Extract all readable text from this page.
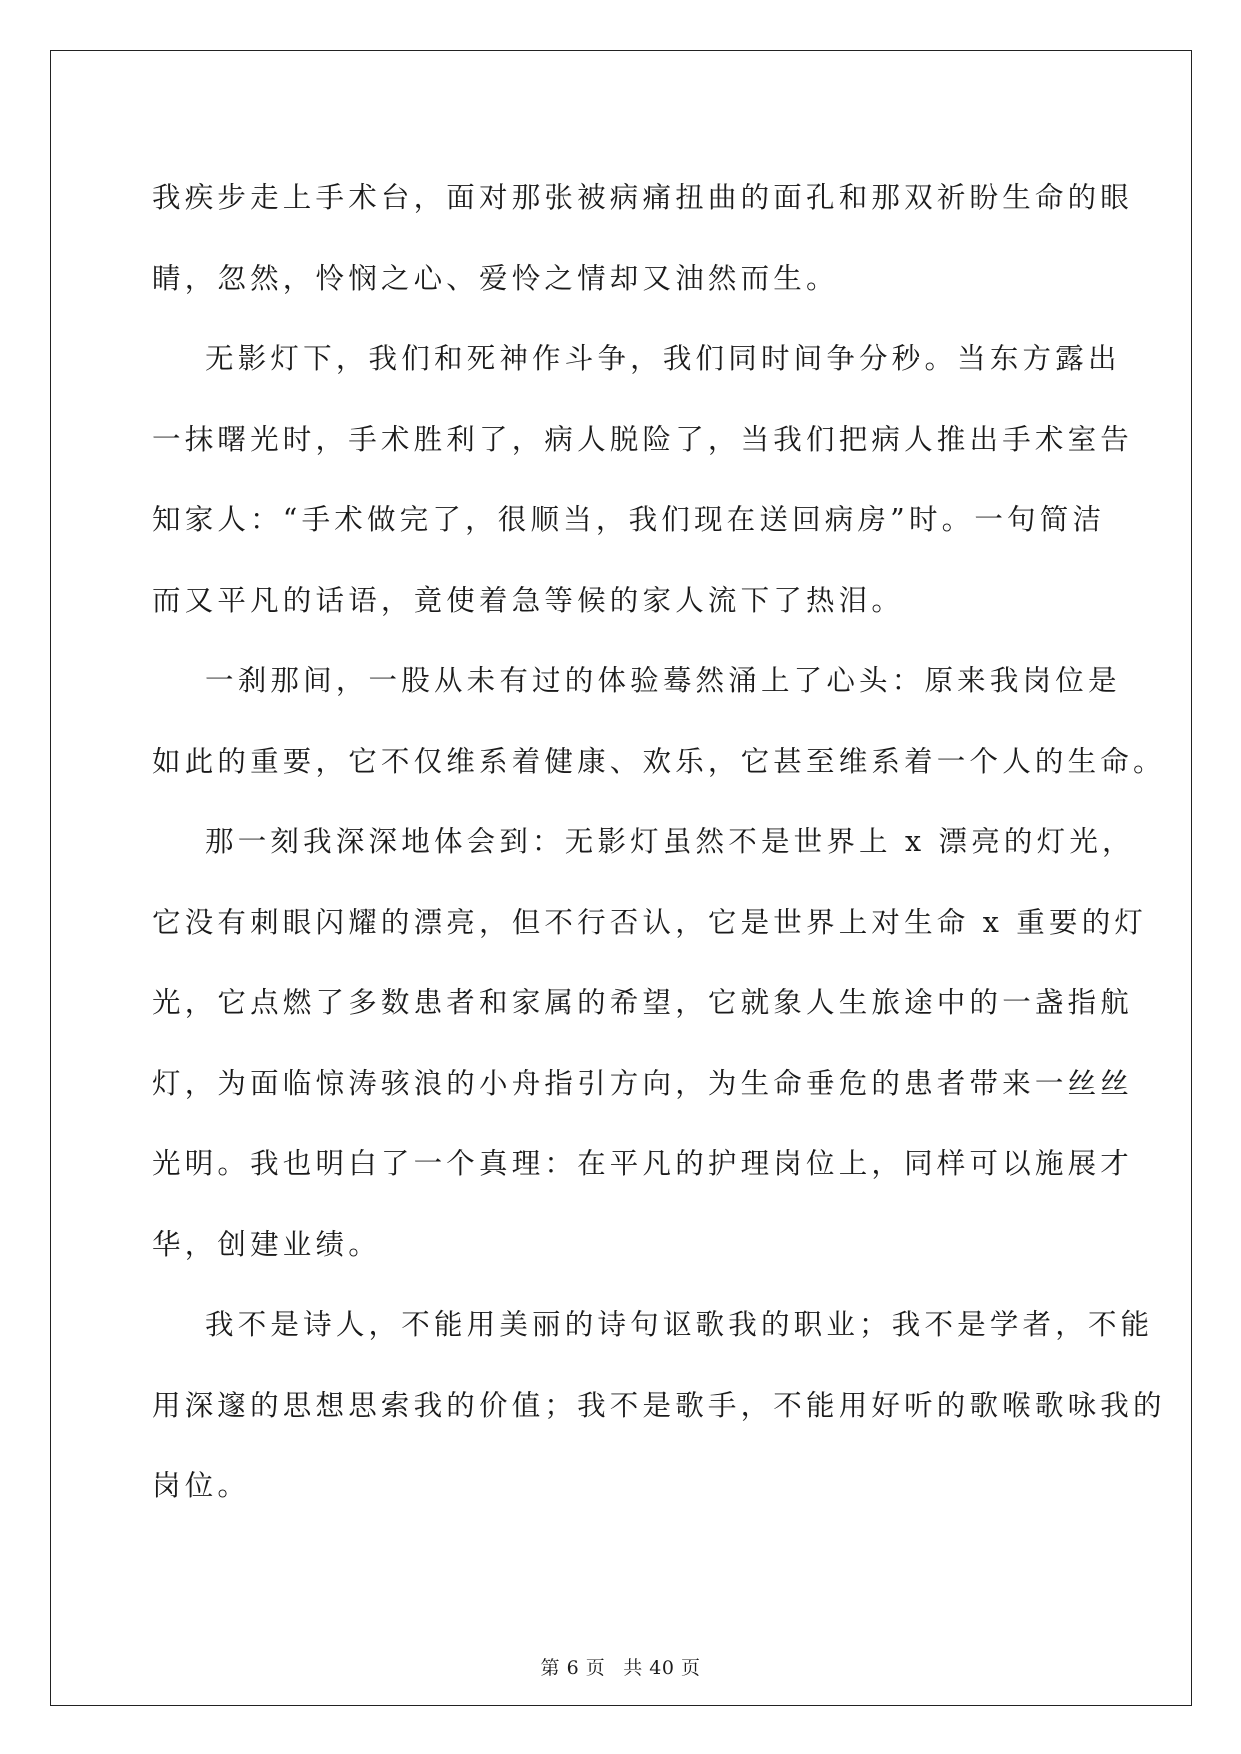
我疾步走上手术台，面对那张被病痛扭曲的面孔和那双祈盼生命的眼
睛，忽然，怜悯之心、爱怜之情却又油然而生。

无影灯下，我们和死神作斗争，我们同时间争分秒。当东方露出
一抹曙光时，手术胜利了，病人脱险了，当我们把病人推出手术室告
知家人：“手术做完了，很顺当，我们现在送回病房”时。一句简洁
而又平凡的话语，竟使着急等候的家人流下了热泪。

一刹那间，一股从未有过的体验蓦然涌上了心头：原来我岗位是
如此的重要，它不仅维系着健康、欢乐，它甚至维系着一个人的生命。

那一刻我深深地体会到：无影灯虽然不是世界上 x 漂亮的灯光，
它没有刺眼闪耀的漂亮，但不行否认，它是世界上对生命 x 重要的灯
光，它点燃了多数患者和家属的希望，它就象人生旅途中的一盏指航
灯，为面临惊涛骇浪的小舟指引方向，为生命垂危的患者带来一丝丝
光明。我也明白了一个真理：在平凡的护理岗位上，同样可以施展才
华，创建业绩。

我不是诗人，不能用美丽的诗句讴歌我的职业；我不是学者，不能
用深邃的思想思索我的价值；我不是歌手，不能用好听的歌喉歌咏我的
岗位。

第 6 页 共 40 页
